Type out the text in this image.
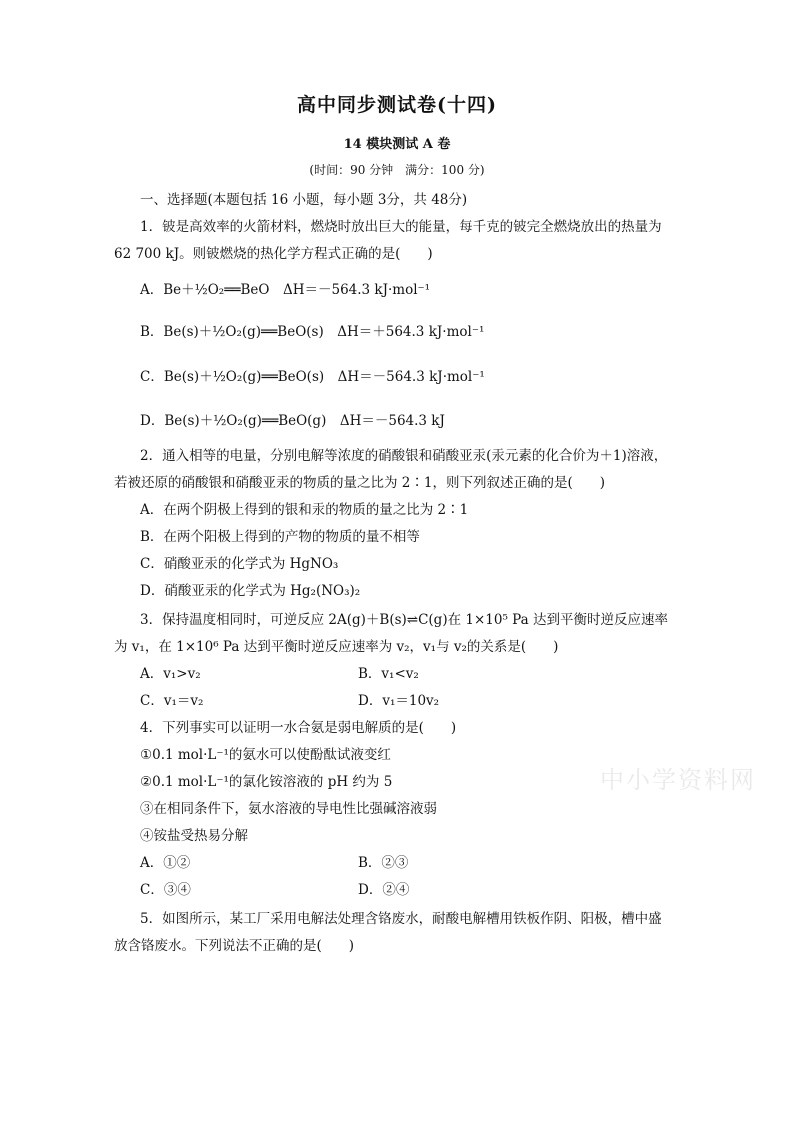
高中同步测试卷(十四)
14 模块测试 A 卷
(时间：90 分钟　满分：100 分)
一、选择题(本题包括 16 小题，每小题 3分，共 48分)
1．铍是高效率的火箭材料，燃烧时放出巨大的能量，每千克的铍完全燃烧放出的热量为
62 700 kJ。则铍燃烧的热化学方程式正确的是(　　)
A．Be＋½O₂══BeO　ΔH＝－564.3 kJ·mol⁻¹
B．Be(s)＋½O₂(g)══BeO(s)　ΔH＝＋564.3 kJ·mol⁻¹
C．Be(s)＋½O₂(g)══BeO(s)　ΔH＝－564.3 kJ·mol⁻¹
D．Be(s)＋½O₂(g)══BeO(g)　ΔH＝－564.3 kJ
2．通入相等的电量，分别电解等浓度的硝酸银和硝酸亚汞(汞元素的化合价为＋1)溶液，
若被还原的硝酸银和硝酸亚汞的物质的量之比为 2∶1，则下列叙述正确的是(　　)
A．在两个阴极上得到的银和汞的物质的量之比为 2∶1
B．在两个阳极上得到的产物的物质的量不相等
C．硝酸亚汞的化学式为 HgNO₃
D．硝酸亚汞的化学式为 Hg₂(NO₃)₂
3．保持温度相同时，可逆反应 2A(g)＋B(s)⇌C(g)在 1×10⁵ Pa 达到平衡时逆反应速率
为 v₁，在 1×10⁶ Pa 达到平衡时逆反应速率为 v₂，v₁与 v₂的关系是(　　)
A．v₁>v₂	B．v₁<v₂
C．v₁＝v₂	D．v₁＝10v₂
4．下列事实可以证明一水合氨是弱电解质的是(　　)
①0.1 mol·L⁻¹的氨水可以使酚酞试液变红
②0.1 mol·L⁻¹的氯化铵溶液的 pH 约为 5
③在相同条件下，氨水溶液的导电性比强碱溶液弱
④铵盐受热易分解
A．①②	B．②③
C．③④	D．②④
5．如图所示，某工厂采用电解法处理含铬废水，耐酸电解槽用铁板作阴、阳极，槽中盛
放含铬废水。下列说法不正确的是(　　)
中小学资料网
